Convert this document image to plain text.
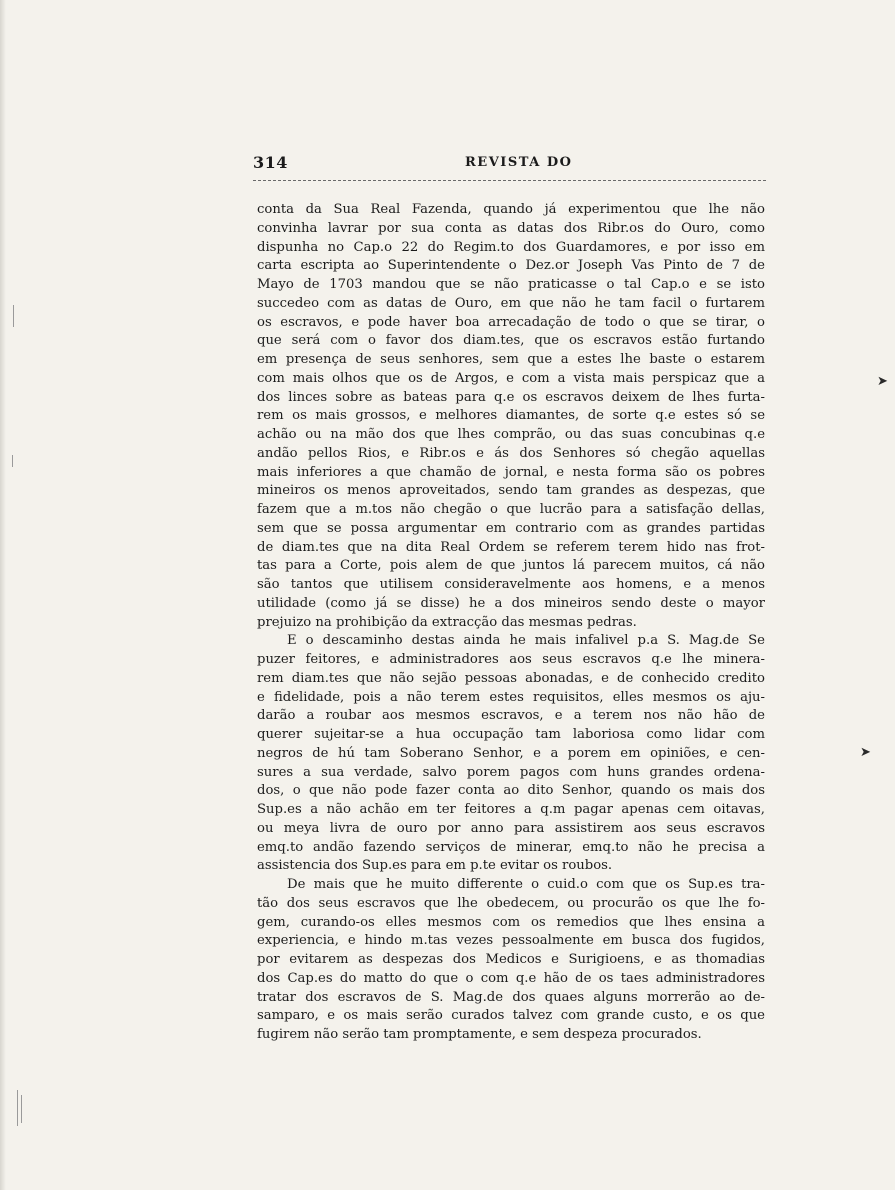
314	REVISTA DO
conta da Sua Real Fazenda, quando já experimentou que lhe não
convinha lavrar por sua conta as datas dos Ribr.os do Ouro, como
dispunha no Cap.o 22 do Regim.to dos Guardamores, e por isso em
carta escripta ao Superintendente o Dez.or Joseph Vas Pinto de 7 de
Mayo de 1703 mandou que se não praticasse o tal Cap.o e se isto
succedeo com as datas de Ouro, em que não he tam facil o furtarem
os escravos, e pode haver boa arrecadação de todo o que se tirar, o
que será com o favor dos diam.tes, que os escravos estão furtando
em presença de seus senhores, sem que a estes lhe baste o estarem
com mais olhos que os de Argos, e com a vista mais perspicaz que a
dos linces sobre as bateas para q.e os escravos deixem de lhes furta-
rem os mais grossos, e melhores diamantes, de sorte q.e estes só se
achão ou na mão dos que lhes comprão, ou das suas concubinas q.e
andão pellos Rios, e Ribr.os e ás dos Senhores só chegão aquellas
mais inferiores a que chamão de jornal, e nesta forma são os pobres
mineiros os menos aproveitados, sendo tam grandes as despezas, que
fazem que a m.tos não chegão o que lucrão para a satisfação dellas,
sem que se possa argumentar em contrario com as grandes partidas
de diam.tes que na dita Real Ordem se referem terem hido nas frot-
tas para a Corte, pois alem de que juntos lá parecem muitos, cá não
são tantos que utilisem consideravelmente aos homens, e a menos
utilidade (como já se disse) he a dos mineiros sendo deste o mayor
prejuizo na prohibição da extracção das mesmas pedras.
E o descaminho destas ainda he mais infalivel p.a S. Mag.de Se
puzer feitores, e administradores aos seus escravos q.e lhe minera-
rem diam.tes que não sejão pessoas abonadas, e de conhecido credito
e fidelidade, pois a não terem estes requisitos, elles mesmos os aju-
darão a roubar aos mesmos escravos, e a terem nos não hão de
querer sujeitar-se a hua occupação tam laboriosa como lidar com
negros de hú tam Soberano Senhor, e a porem em opiniões, e cen-
sures a sua verdade, salvo porem pagos com huns grandes ordena-
dos, o que não pode fazer conta ao dito Senhor, quando os mais dos
Sup.es a não achão em ter feitores a q.m pagar apenas cem oitavas,
ou meya livra de ouro por anno para assistirem aos seus escravos
emq.to andão fazendo serviços de minerar, emq.to não he precisa a
assistencia dos Sup.es para em p.te evitar os roubos.
De mais que he muito differente o cuid.o com que os Sup.es tra-
tão dos seus escravos que lhe obedecem, ou procurão os que lhe fo-
gem, curando-os elles mesmos com os remedios que lhes ensina a
experiencia, e hindo m.tas vezes pessoalmente em busca dos fugidos,
por evitarem as despezas dos Medicos e Surigioens, e as thomadias
dos Cap.es do matto do que o com q.e hão de os taes administradores
tratar dos escravos de S. Mag.de dos quaes alguns morrerão ao de-
samparo, e os mais serão curados talvez com grande custo, e os que
fugirem não serão tam promptamente, e sem despeza procurados.
➤
➤
